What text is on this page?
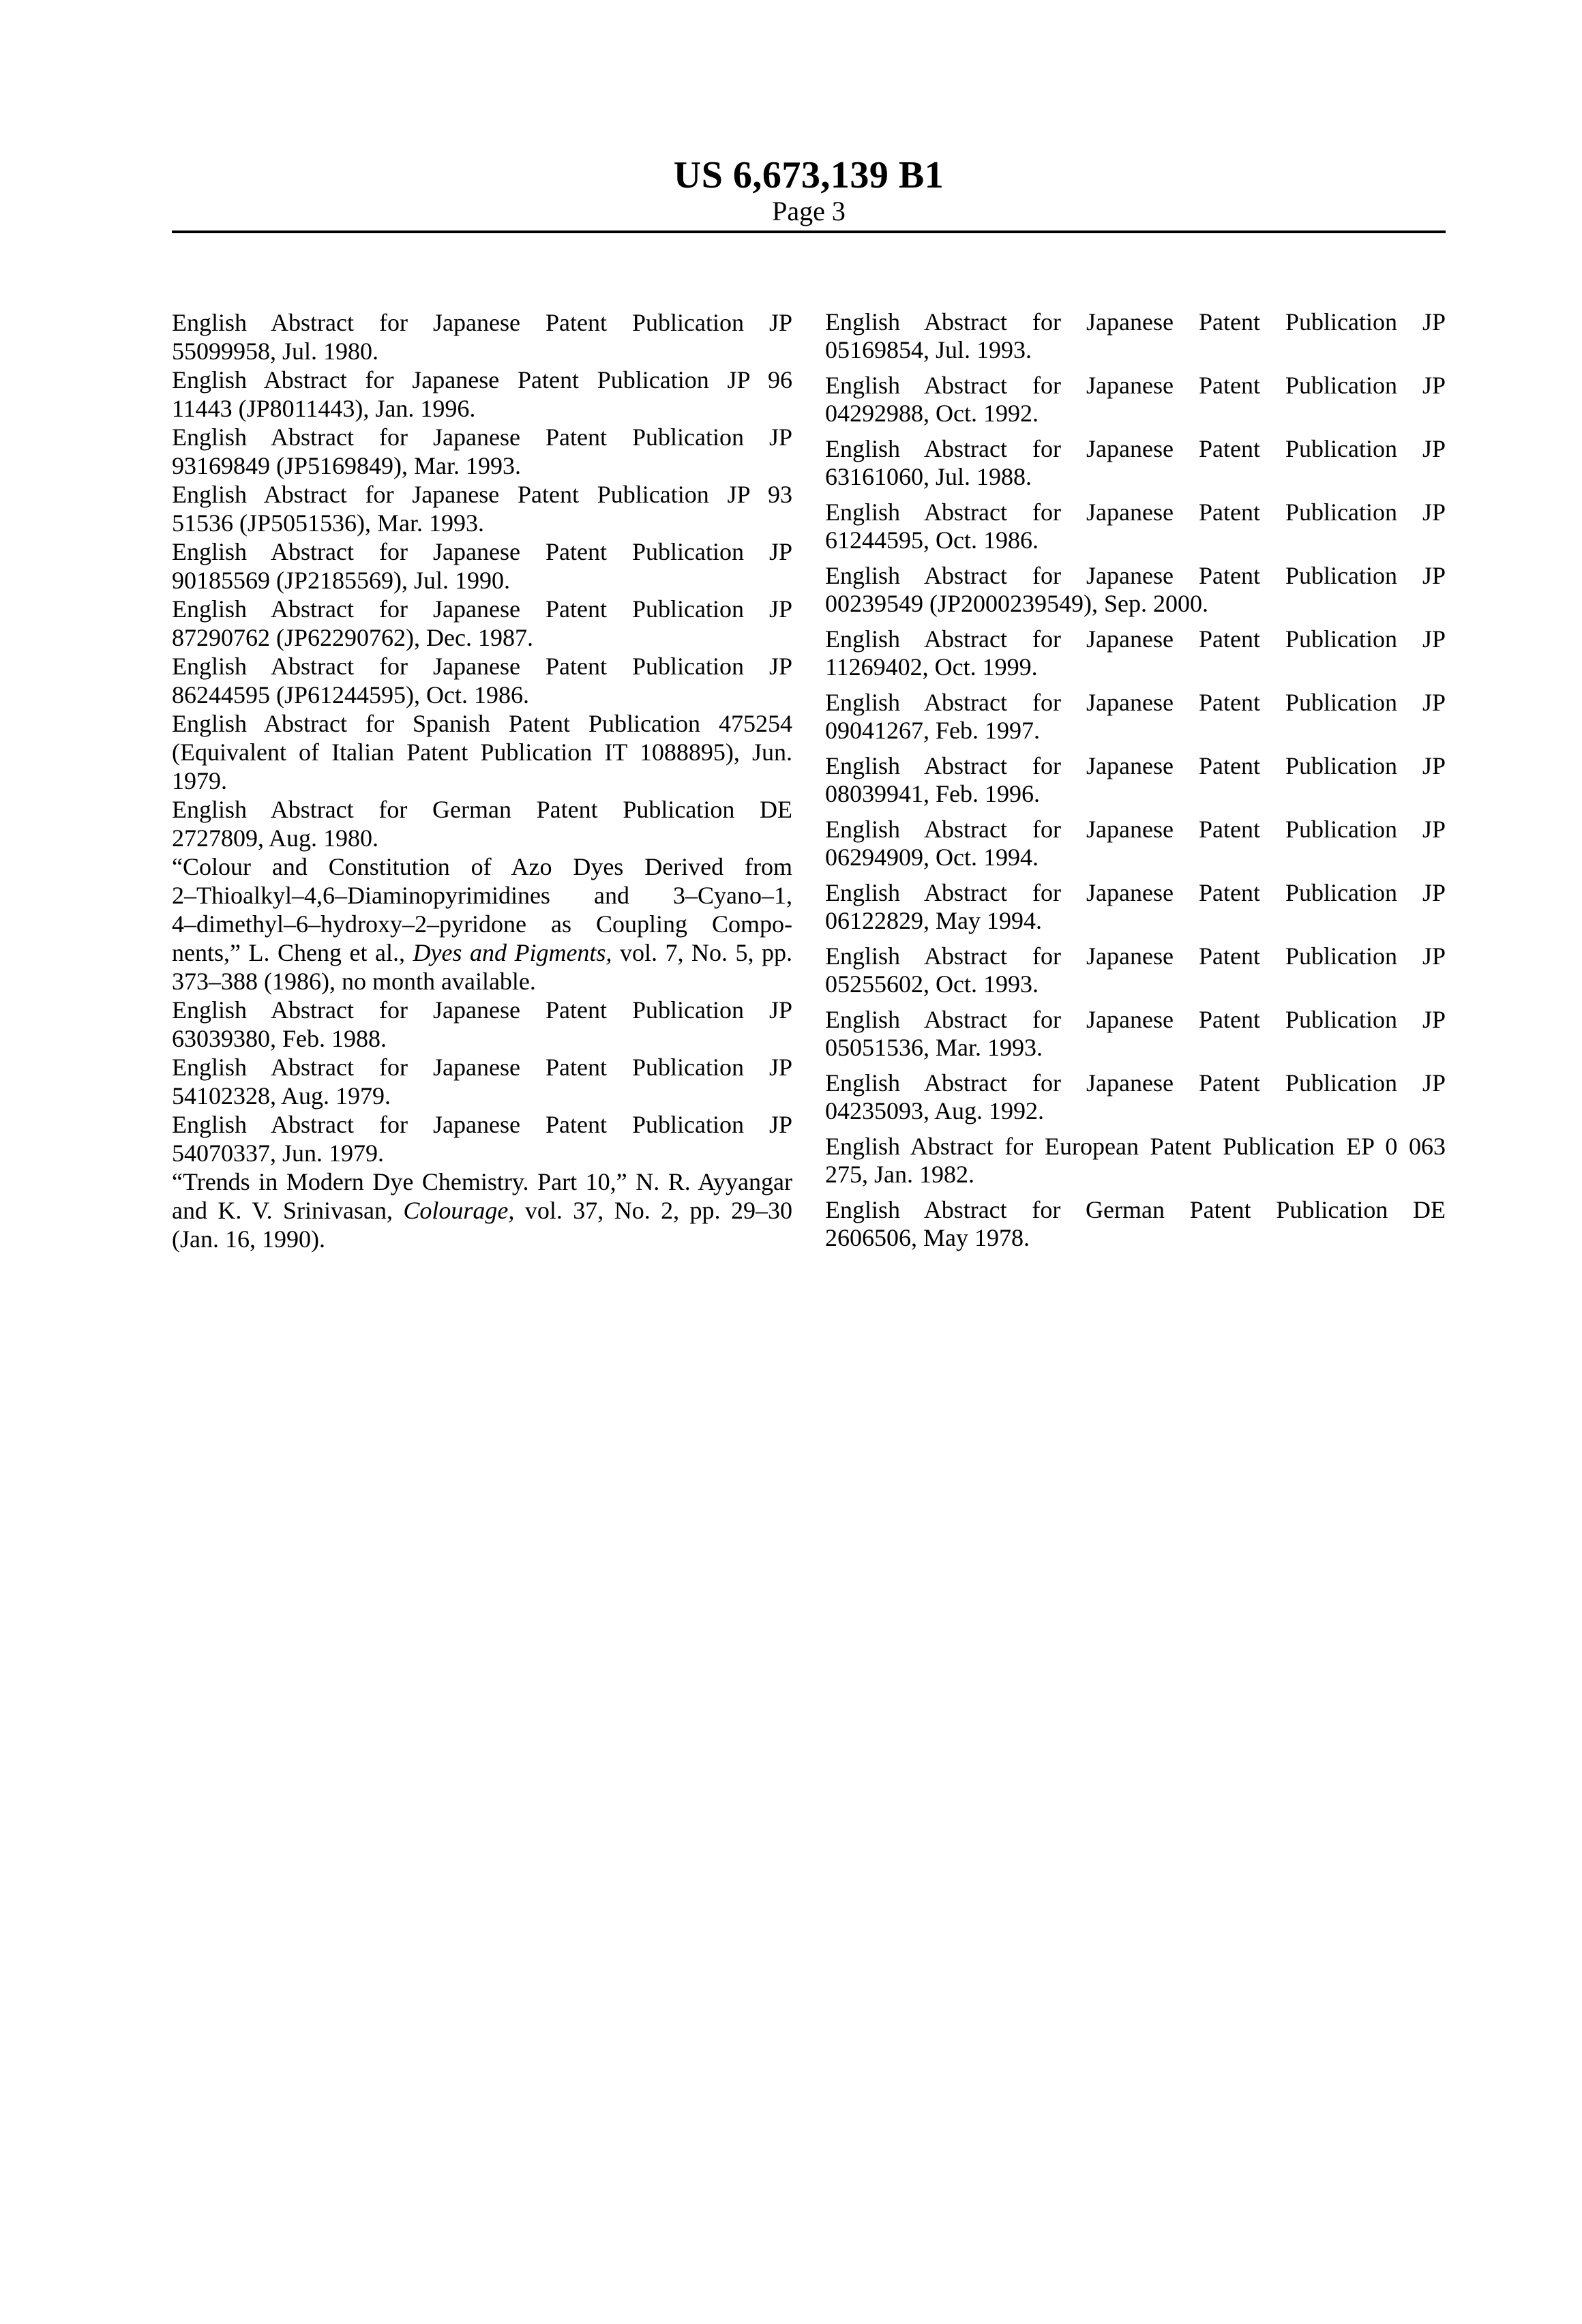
US 6,673,139 B1
Page 3
English Abstract for Japanese Patent Publication JP
55099958, Jul. 1980.
English Abstract for Japanese Patent Publication JP 96
11443 (JP8011443), Jan. 1996.
English Abstract for Japanese Patent Publication JP
93169849 (JP5169849), Mar. 1993.
English Abstract for Japanese Patent Publication JP 93
51536 (JP5051536), Mar. 1993.
English Abstract for Japanese Patent Publication JP
90185569 (JP2185569), Jul. 1990.
English Abstract for Japanese Patent Publication JP
87290762 (JP62290762), Dec. 1987.
English Abstract for Japanese Patent Publication JP
86244595 (JP61244595), Oct. 1986.
English Abstract for Spanish Patent Publication 475254
(Equivalent of Italian Patent Publication IT 1088895), Jun.
1979.
English Abstract for German Patent Publication DE
2727809, Aug. 1980.
“Colour and Constitution of Azo Dyes Derived from
2–Thioalkyl–4,6–Diaminopyrimidines and 3–Cyano–1,
4–dimethyl–6–hydroxy–2–pyridone as Coupling Compo-
nents,” L. Cheng et al., Dyes and Pigments, vol. 7, No. 5, pp.
373–388 (1986), no month available.
English Abstract for Japanese Patent Publication JP
63039380, Feb. 1988.
English Abstract for Japanese Patent Publication JP
54102328, Aug. 1979.
English Abstract for Japanese Patent Publication JP
54070337, Jun. 1979.
“Trends in Modern Dye Chemistry. Part 10,” N. R. Ayyangar
and K. V. Srinivasan, Colourage, vol. 37, No. 2, pp. 29–30
(Jan. 16, 1990).
English Abstract for Japanese Patent Publication JP
05169854, Jul. 1993.
English Abstract for Japanese Patent Publication JP
04292988, Oct. 1992.
English Abstract for Japanese Patent Publication JP
63161060, Jul. 1988.
English Abstract for Japanese Patent Publication JP
61244595, Oct. 1986.
English Abstract for Japanese Patent Publication JP
00239549 (JP2000239549), Sep. 2000.
English Abstract for Japanese Patent Publication JP
11269402, Oct. 1999.
English Abstract for Japanese Patent Publication JP
09041267, Feb. 1997.
English Abstract for Japanese Patent Publication JP
08039941, Feb. 1996.
English Abstract for Japanese Patent Publication JP
06294909, Oct. 1994.
English Abstract for Japanese Patent Publication JP
06122829, May 1994.
English Abstract for Japanese Patent Publication JP
05255602, Oct. 1993.
English Abstract for Japanese Patent Publication JP
05051536, Mar. 1993.
English Abstract for Japanese Patent Publication JP
04235093, Aug. 1992.
English Abstract for European Patent Publication EP 0 063
275, Jan. 1982.
English Abstract for German Patent Publication DE
2606506, May 1978.
